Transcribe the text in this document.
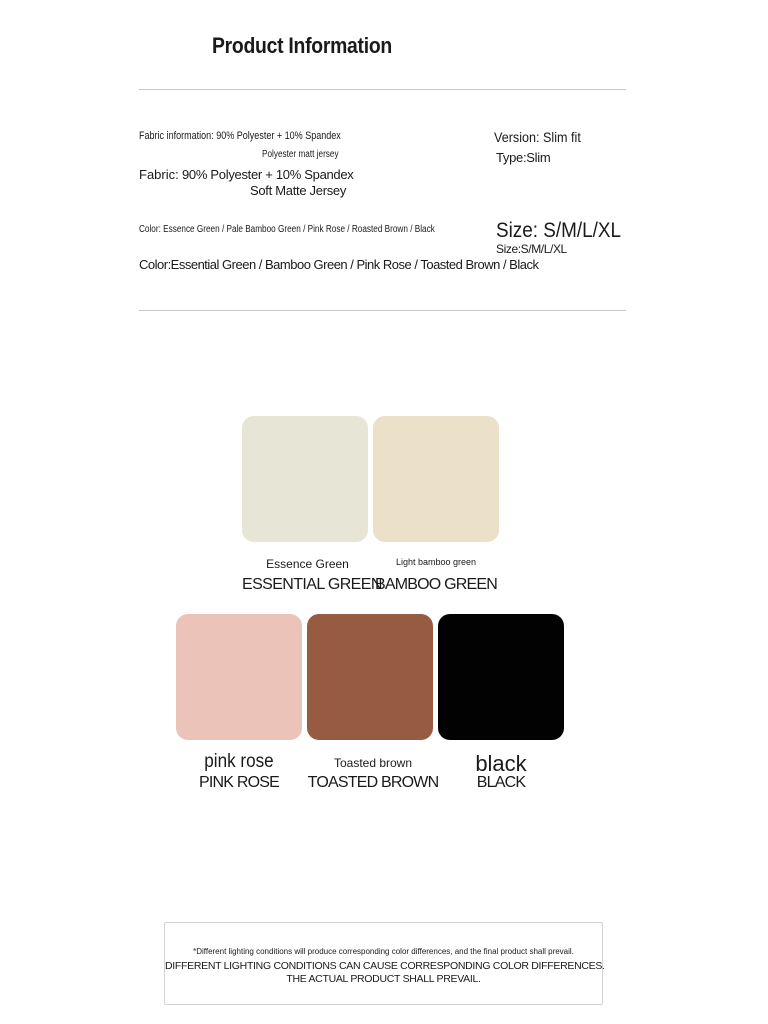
Product Information
Fabric information: 90% Polyester + 10% Spandex
Polyester matt jersey
Fabric: 90% Polyester + 10% Spandex
Soft Matte Jersey
Version: Slim fit
Type:Slim
Color: Essence Green / Pale Bamboo Green / Pink Rose / Roasted Brown / Black
Color:Essential Green / Bamboo Green / Pink Rose / Toasted Brown / Black
Size: S/M/L/XL
Size:S/M/L/XL
Essence Green
ESSENTIAL GREEN
Light bamboo green
BAMBOO GREEN
pink rose
PINK ROSE
Toasted brown
TOASTED BROWN
black
BLACK
*Different lighting conditions will produce corresponding color differences, and the final product shall prevail.
DIFFERENT LIGHTING CONDITIONS CAN CAUSE CORRESPONDING COLOR DIFFERENCES.
THE ACTUAL PRODUCT SHALL PREVAIL.
